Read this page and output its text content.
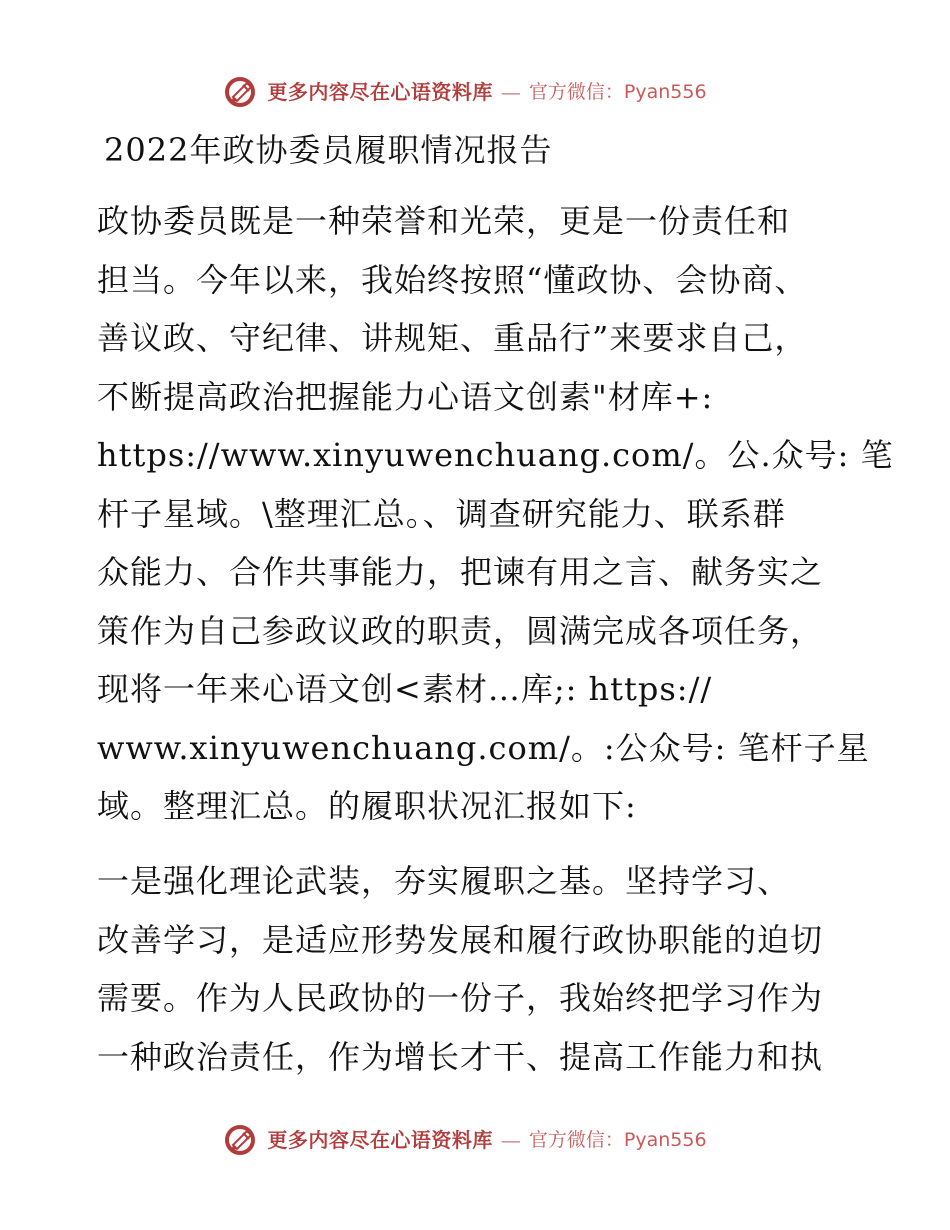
更多内容尽在心语资料库 — 官方微信：Pyan556
2022年政协委员履职情况报告
政协委员既是一种荣誉和光荣，更是一份责任和
担当。今年以来，我始终按照“懂政协、会协商、
善议政、守纪律、讲规矩、重品行”来要求自己，
不断提高政治把握能力心语文创素"材库+:
https://www.xinyuwenchuang.com/。公.众号: 笔
杆子星域。\整理汇总。、调查研究能力、联系群
众能力、合作共事能力，把谏有用之言、献务实之
策作为自己参政议政的职责，圆满完成各项任务，
现将一年来心语文创<素材…库;: https://
www.xinyuwenchuang.com/。:公众号: 笔杆子星
域。整理汇总。的履职状况汇报如下:
一是强化理论武装，夯实履职之基。坚持学习、
改善学习，是适应形势发展和履行政协职能的迫切
需要。作为人民政协的一份子，我始终把学习作为
一种政治责任，作为增长才干、提高工作能力和执
更多内容尽在心语资料库 — 官方微信：Pyan556
